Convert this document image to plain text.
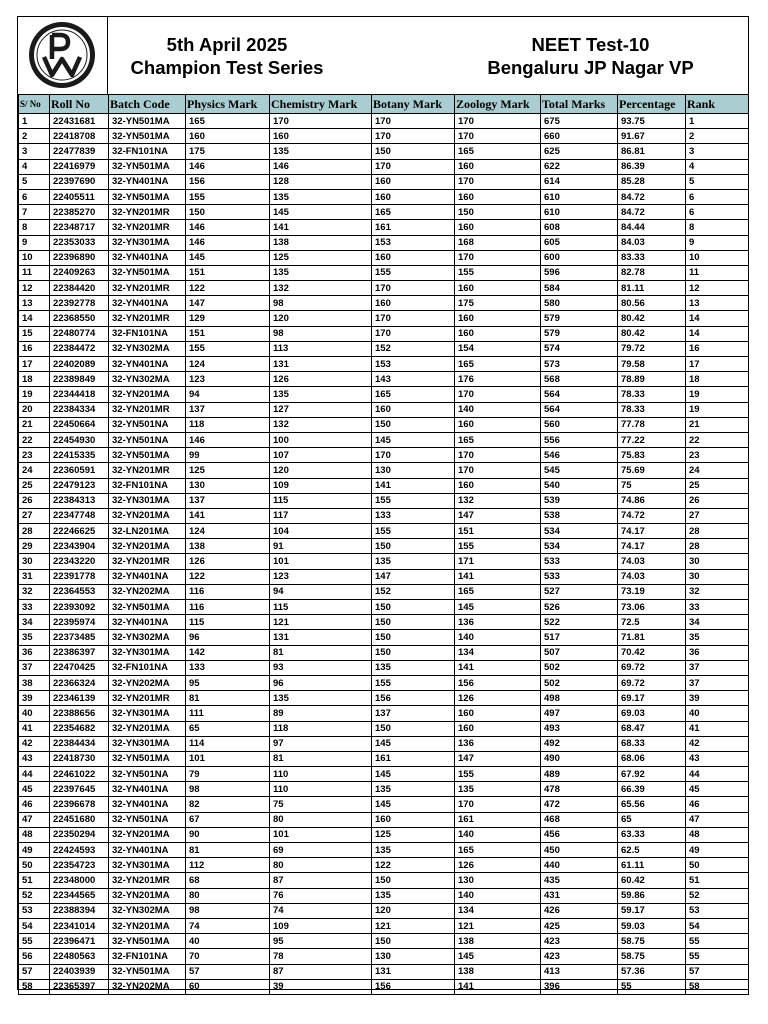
5th April 2025
Champion Test Series
NEET Test-10
Bengaluru JP Nagar VP
S/ No	Roll No	Batch Code	Physics Mark	Chemistry Mark	Botany Mark	Zoology Mark	Total Marks	Percentage	Rank
1	22431681	32-YN501MA	165	170	170	170	675	93.75	1
2	22418708	32-YN501MA	160	160	170	170	660	91.67	2
3	22477839	32-FN101NA	175	135	150	165	625	86.81	3
4	22416979	32-YN501MA	146	146	170	160	622	86.39	4
5	22397690	32-YN401NA	156	128	160	170	614	85.28	5
6	22405511	32-YN501MA	155	135	160	160	610	84.72	6
7	22385270	32-YN201MR	150	145	165	150	610	84.72	6
8	22348717	32-YN201MR	146	141	161	160	608	84.44	8
9	22353033	32-YN301MA	146	138	153	168	605	84.03	9
10	22396890	32-YN401NA	145	125	160	170	600	83.33	10
11	22409263	32-YN501MA	151	135	155	155	596	82.78	11
12	22384420	32-YN201MR	122	132	170	160	584	81.11	12
13	22392778	32-YN401NA	147	98	160	175	580	80.56	13
14	22368550	32-YN201MR	129	120	170	160	579	80.42	14
15	22480774	32-FN101NA	151	98	170	160	579	80.42	14
16	22384472	32-YN302MA	155	113	152	154	574	79.72	16
17	22402089	32-YN401NA	124	131	153	165	573	79.58	17
18	22389849	32-YN302MA	123	126	143	176	568	78.89	18
19	22344418	32-YN201MA	94	135	165	170	564	78.33	19
20	22384334	32-YN201MR	137	127	160	140	564	78.33	19
21	22450664	32-YN501NA	118	132	150	160	560	77.78	21
22	22454930	32-YN501NA	146	100	145	165	556	77.22	22
23	22415335	32-YN501MA	99	107	170	170	546	75.83	23
24	22360591	32-YN201MR	125	120	130	170	545	75.69	24
25	22479123	32-FN101NA	130	109	141	160	540	75	25
26	22384313	32-YN301MA	137	115	155	132	539	74.86	26
27	22347748	32-YN201MA	141	117	133	147	538	74.72	27
28	22246625	32-LN201MA	124	104	155	151	534	74.17	28
29	22343904	32-YN201MA	138	91	150	155	534	74.17	28
30	22343220	32-YN201MR	126	101	135	171	533	74.03	30
31	22391778	32-YN401NA	122	123	147	141	533	74.03	30
32	22364553	32-YN202MA	116	94	152	165	527	73.19	32
33	22393092	32-YN501MA	116	115	150	145	526	73.06	33
34	22395974	32-YN401NA	115	121	150	136	522	72.5	34
35	22373485	32-YN302MA	96	131	150	140	517	71.81	35
36	22386397	32-YN301MA	142	81	150	134	507	70.42	36
37	22470425	32-FN101NA	133	93	135	141	502	69.72	37
38	22366324	32-YN202MA	95	96	155	156	502	69.72	37
39	22346139	32-YN201MR	81	135	156	126	498	69.17	39
40	22388656	32-YN301MA	111	89	137	160	497	69.03	40
41	22354682	32-YN201MA	65	118	150	160	493	68.47	41
42	22384434	32-YN301MA	114	97	145	136	492	68.33	42
43	22418730	32-YN501MA	101	81	161	147	490	68.06	43
44	22461022	32-YN501NA	79	110	145	155	489	67.92	44
45	22397645	32-YN401NA	98	110	135	135	478	66.39	45
46	22396678	32-YN401NA	82	75	145	170	472	65.56	46
47	22451680	32-YN501NA	67	80	160	161	468	65	47
48	22350294	32-YN201MA	90	101	125	140	456	63.33	48
49	22424593	32-YN401NA	81	69	135	165	450	62.5	49
50	22354723	32-YN301MA	112	80	122	126	440	61.11	50
51	22348000	32-YN201MR	68	87	150	130	435	60.42	51
52	22344565	32-YN201MA	80	76	135	140	431	59.86	52
53	22388394	32-YN302MA	98	74	120	134	426	59.17	53
54	22341014	32-YN201MA	74	109	121	121	425	59.03	54
55	22396471	32-YN501MA	40	95	150	138	423	58.75	55
56	22480563	32-FN101NA	70	78	130	145	423	58.75	55
57	22403939	32-YN501MA	57	87	131	138	413	57.36	57
58	22365397	32-YN202MA	60	39	156	141	396	55	58
